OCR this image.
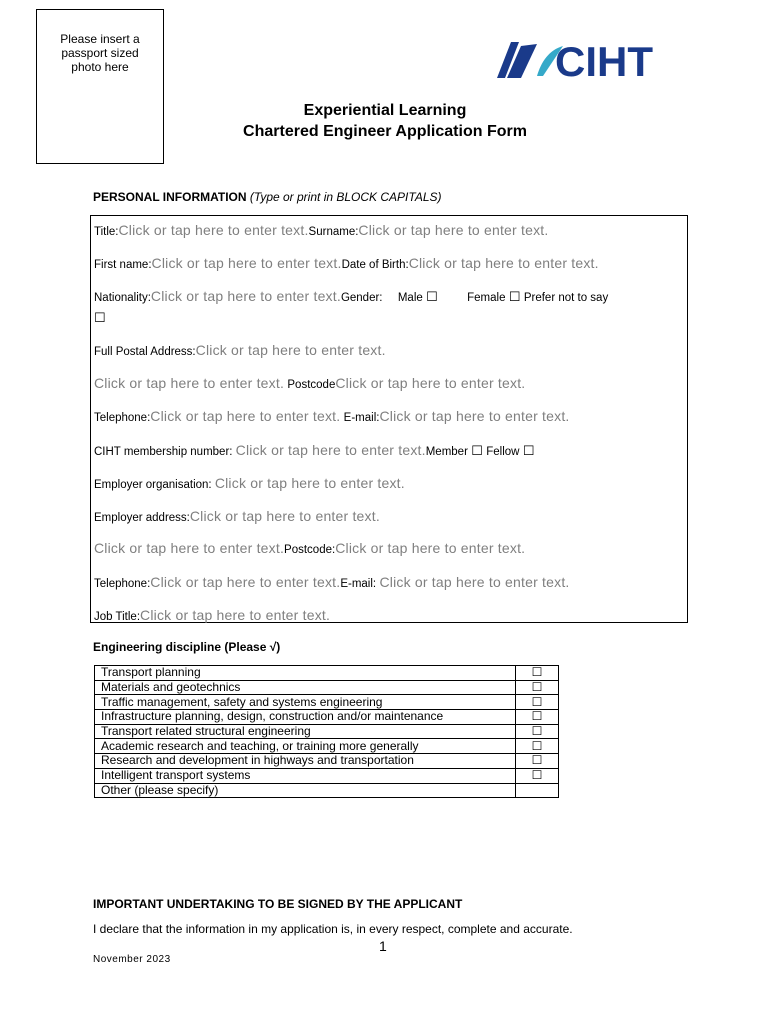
Please insert a
passport sized
photo here	CIHT
Experiential Learning
Chartered Engineer Application Form
PERSONAL INFORMATION (Type or print in BLOCK CAPITALS)
Title:Click or tap here to enter text.Surname:Click or tap here to enter text.
First name:Click or tap here to enter text.Date of Birth:Click or tap here to enter text.
Nationality:Click or tap here to enter text.Gender: Male ☐	Female ☐ Prefer not to say
☐
Full Postal Address:Click or tap here to enter text.
Click or tap here to enter text. PostcodeClick or tap here to enter text.
Telephone:Click or tap here to enter text. E-mail:Click or tap here to enter text.
CIHT membership number: Click or tap here to enter text.Member ☐ Fellow ☐
Employer organisation: Click or tap here to enter text.
Employer address:Click or tap here to enter text.
Click or tap here to enter text.Postcode:Click or tap here to enter text.
Telephone:Click or tap here to enter text.E-mail: Click or tap here to enter text.
Job Title:Click or tap here to enter text.
Engineering discipline (Please √)
Transport planning	☐
Materials and geotechnics	☐
Traffic management, safety and systems engineering	☐
Infrastructure planning, design, construction and/or maintenance	☐
Transport related structural engineering	☐
Academic research and teaching, or training more generally	☐
Research and development in highways and transportation	☐
Intelligent transport systems	☐
Other (please specify)	
IMPORTANT UNDERTAKING TO BE SIGNED BY THE APPLICANT
I declare that the information in my application is, in every respect, complete and accurate.
1
November 2023
